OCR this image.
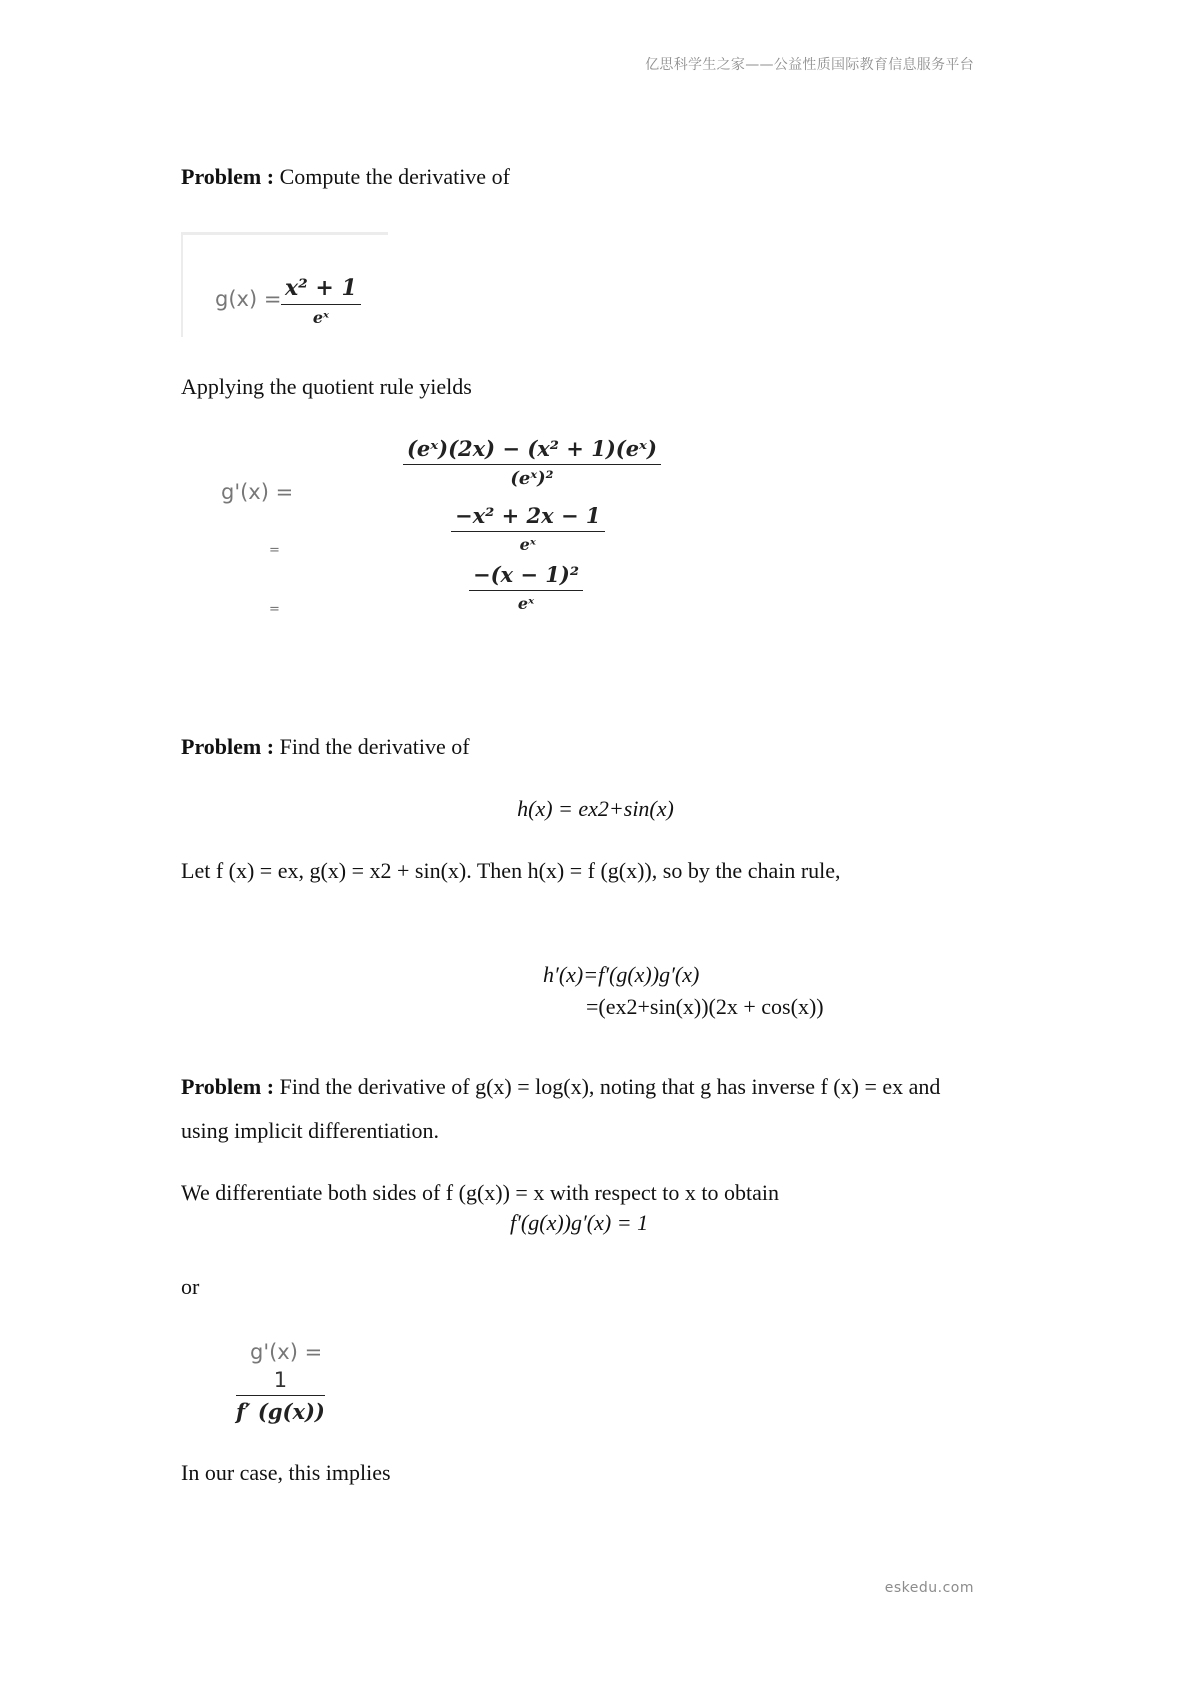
亿思科学生之家——公益性质国际教育信息服务平台
eskedu.com
Problem : Compute the derivative of
g(x) = x² + 1
eˣ
Applying the quotient rule yields
g'(x) =
=
=
$\frac{\text{(eˣ)(2x) − (x² + 1)(eˣ)}}{\text{(eˣ)²}}$
−x² + 2x − 1
eˣ
−(x − 1)²
eˣ
Problem : Find the derivative of
h(x) = ex2+sin(x)
Let f (x) = ex, g(x) = x2 + sin(x). Then h(x) = f (g(x)), so by the chain rule,
h′(x)=f′(g(x))g′(x)
=(ex2+sin(x))(2x + cos(x))
Problem : Find the derivative of g(x) = log(x), noting that g has inverse f (x) = ex and
using implicit differentiation.
We differentiate both sides of f (g(x)) = x with respect to x to obtain
f′(g(x))g′(x) = 1
or
g'(x) =
$\frac{1}{f' (g(x))}$
In our case, this implies
